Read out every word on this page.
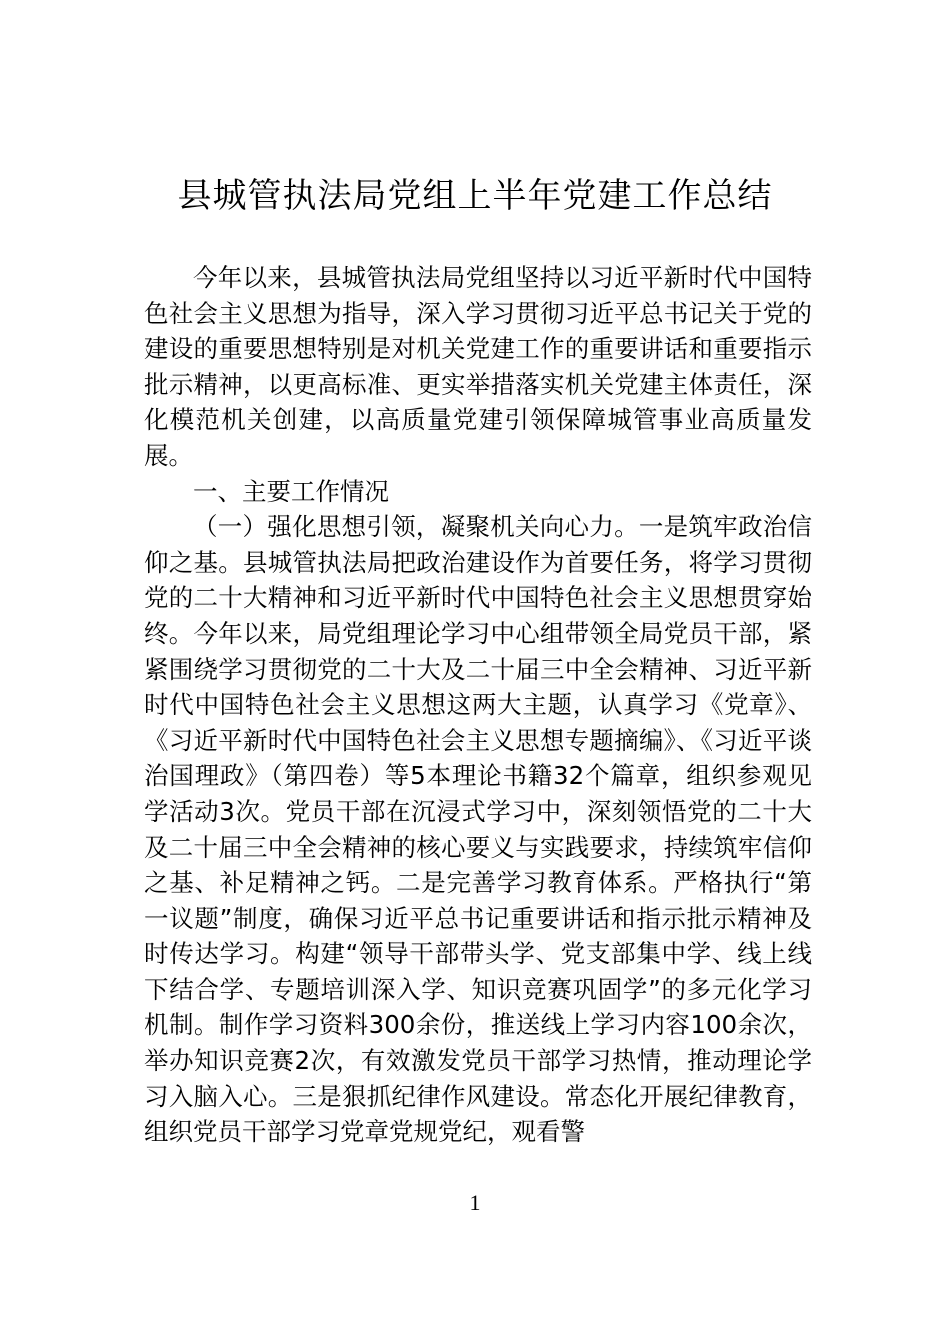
县城管执法局党组上半年党建工作总结

今年以来，县城管执法局党组坚持以习近平新时代中国特色社会主义思想为指导，深入学习贯彻习近平总书记关于党的建设的重要思想特别是对机关党建工作的重要讲话和重要指示批示精神，以更高标准、更实举措落实机关党建主体责任，深化模范机关创建，以高质量党建引领保障城管事业高质量发展。

一、主要工作情况

（一）强化思想引领，凝聚机关向心力。一是筑牢政治信仰之基。县城管执法局把政治建设作为首要任务，将学习贯彻党的二十大精神和习近平新时代中国特色社会主义思想贯穿始终。今年以来，局党组理论学习中心组带领全局党员干部，紧紧围绕学习贯彻党的二十大及二十届三中全会精神、习近平新时代中国特色社会主义思想这两大主题，认真学习《党章》、《习近平新时代中国特色社会主义思想专题摘编》、《习近平谈治国理政》（第四卷）等5本理论书籍32个篇章，组织参观见学活动3次。党员干部在沉浸式学习中，深刻领悟党的二十大及二十届三中全会精神的核心要义与实践要求，持续筑牢信仰之基、补足精神之钙。二是完善学习教育体系。严格执行“第一议题”制度，确保习近平总书记重要讲话和指示批示精神及时传达学习。构建“领导干部带头学、党支部集中学、线上线下结合学、专题培训深入学、知识竞赛巩固学”的多元化学习机制。制作学习资料300余份，推送线上学习内容100余次，举办知识竞赛2次，有效激发党员干部学习热情，推动理论学习入脑入心。三是狠抓纪律作风建设。常态化开展纪律教育，组织党员干部学习党章党规党纪，观看警

1
